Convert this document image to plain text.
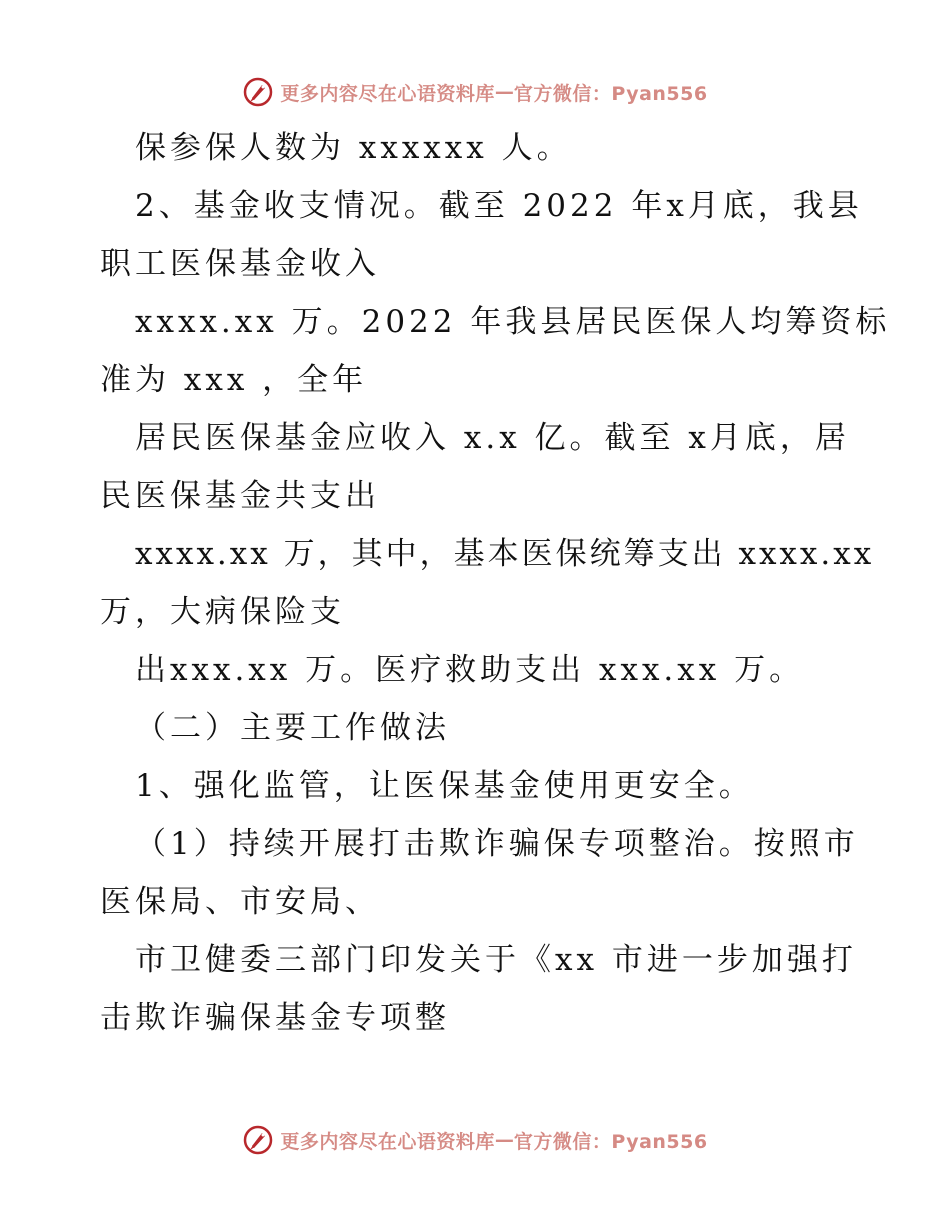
更多内容尽在心语资料库 — 官方微信：Pyan556
保参保人数为 xxxxxx 人。
2、基金收支情况。截至 2022 年x月底，我县
职工医保基金收入
xxxx.xx 万。2022 年我县居民医保人均筹资标
准为 xxx ，全年
居民医保基金应收入 x.x 亿。截至 x月底，居
民医保基金共支出
xxxx.xx 万，其中，基本医保统筹支出 xxxx.xx
万，大病保险支
出xxx.xx 万。医疗救助支出 xxx.xx 万。
（二）主要工作做法
1、强化监管，让医保基金使用更安全。
（1）持续开展打击欺诈骗保专项整治。按照市
医保局、市安局、
市卫健委三部门印发关于《xx 市进一步加强打
击欺诈骗保基金专项整
更多内容尽在心语资料库 — 官方微信：Pyan556
